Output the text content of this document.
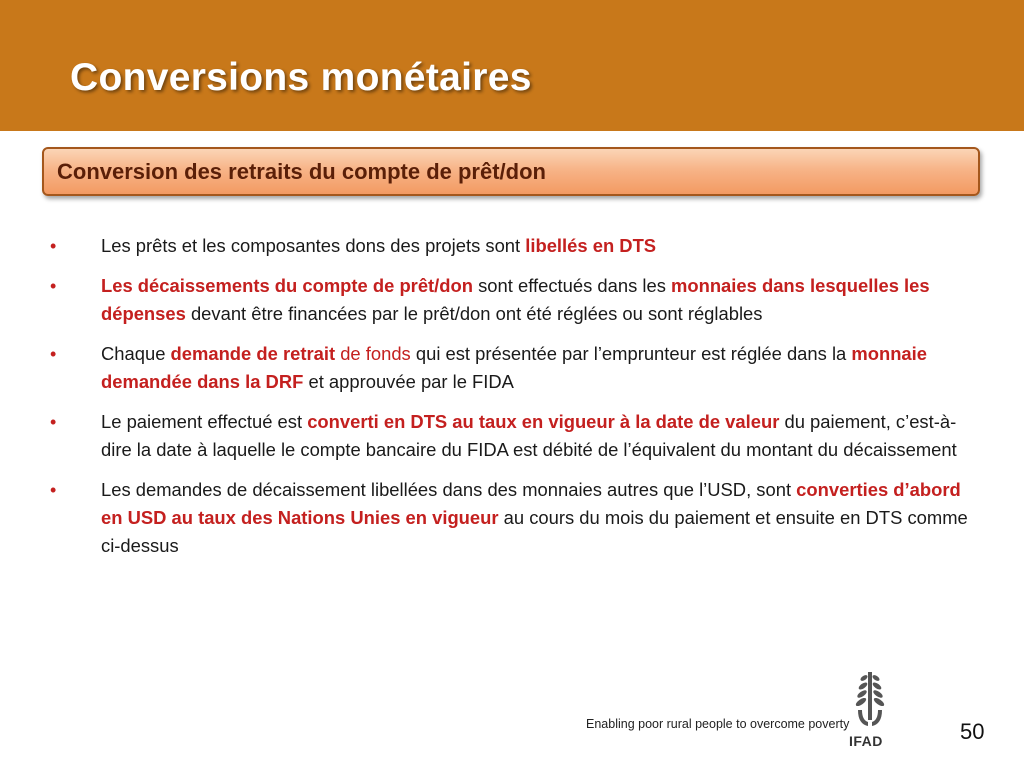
Conversions monétaires
Conversion des retraits du compte de prêt/don
• Les prêts et les composantes dons des projets sont libellés en DTS
• Les décaissements du compte de prêt/don sont effectués dans les monnaies dans lesquelles les dépenses devant être financées par le prêt/don ont été réglées ou sont réglables
• Chaque demande de retrait de fonds qui est présentée par l’emprunteur est réglée dans la monnaie demandée dans la DRF et approuvée par le FIDA
• Le paiement effectué est converti en DTS au taux en vigueur à la date de valeur du paiement, c’est-à-dire la date à laquelle le compte bancaire du FIDA est débité de l’équivalent du montant du décaissement
• Les demandes de décaissement libellées dans des monnaies autres que l’USD, sont converties d’abord en USD au taux des Nations Unies en vigueur au cours du mois du paiement et ensuite en DTS comme ci-dessus
Enabling poor rural people to overcome poverty
IFAD	50
